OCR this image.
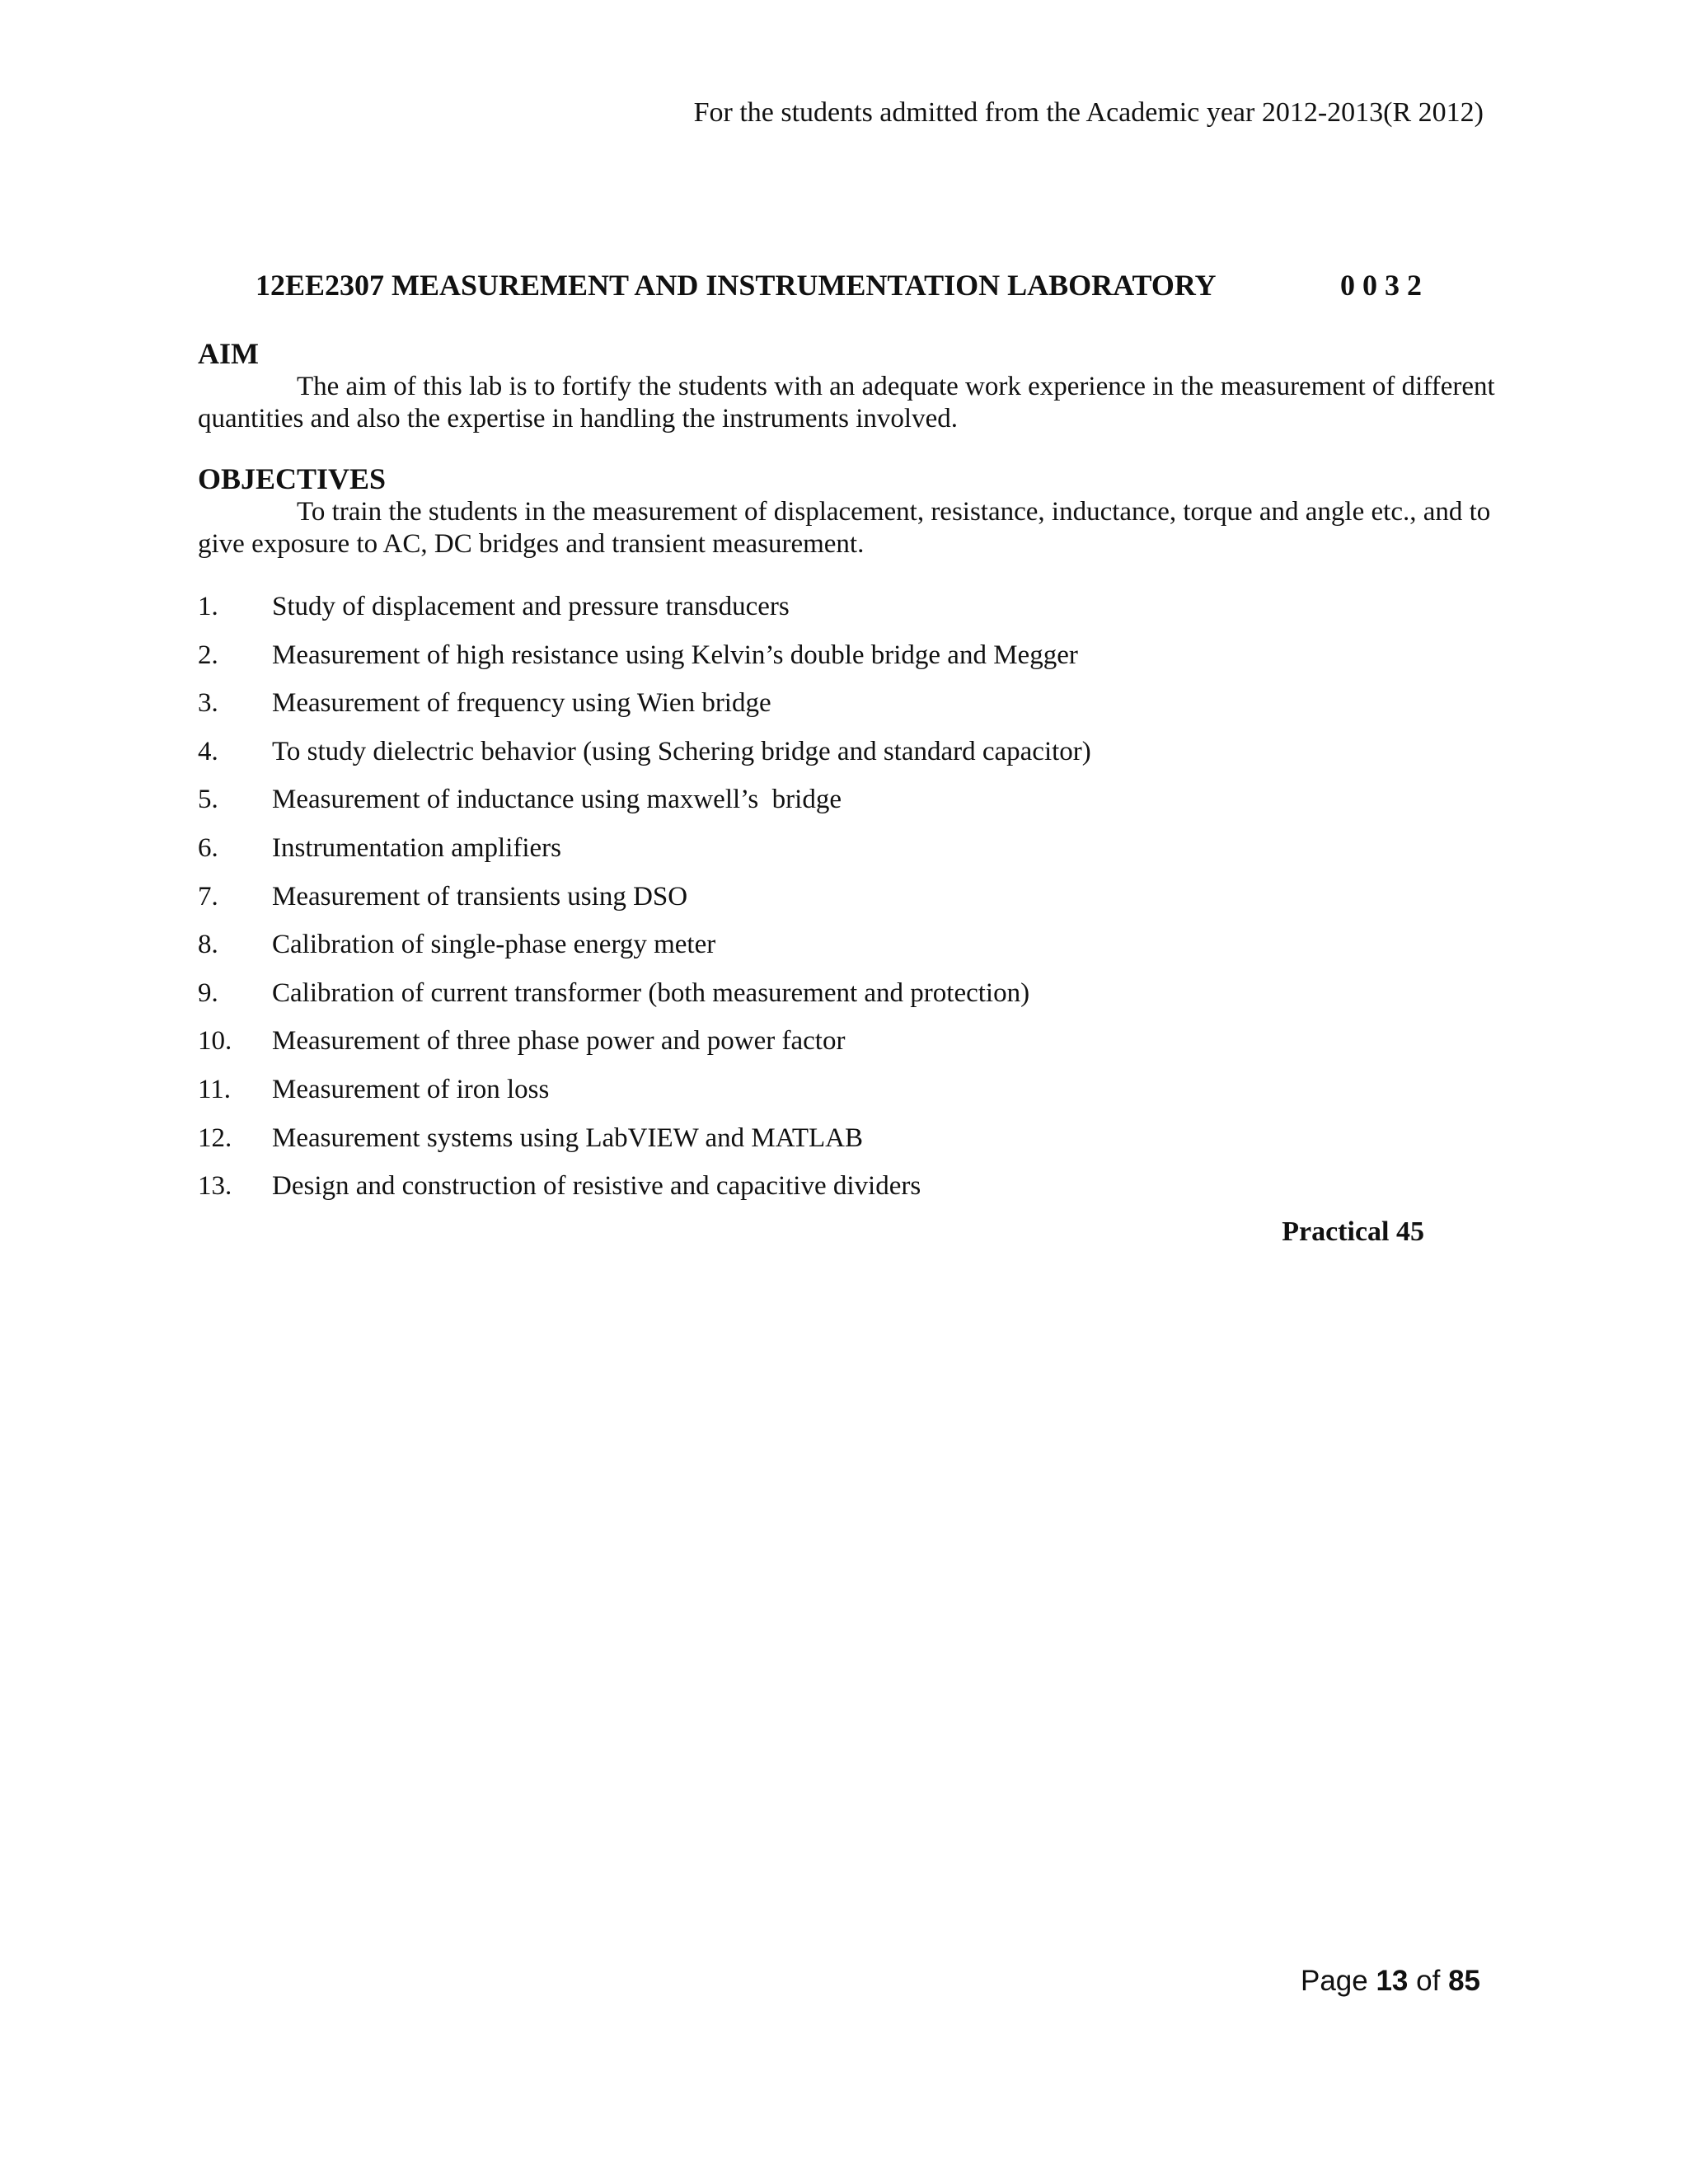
For the students admitted from the Academic year 2012-2013(R 2012)
12EE2307 MEASUREMENT AND INSTRUMENTATION LABORATORY	0 0 3 2
AIM
The aim of this lab is to fortify the students with an adequate work experience in the measurement of different quantities and also the expertise in handling the instruments involved.
OBJECTIVES
To train the students in the measurement of displacement, resistance, inductance, torque and angle etc., and to give exposure to AC, DC bridges and transient measurement.
1. Study of displacement and pressure transducers
2. Measurement of high resistance using Kelvin’s double bridge and Megger
3. Measurement of frequency using Wien bridge
4. To study dielectric behavior (using Schering bridge and standard capacitor)
5. Measurement of inductance using maxwell’s  bridge
6. Instrumentation amplifiers
7. Measurement of transients using DSO
8. Calibration of single-phase energy meter
9. Calibration of current transformer (both measurement and protection)
10. Measurement of three phase power and power factor
11. Measurement of iron loss
12. Measurement systems using LabVIEW and MATLAB
13. Design and construction of resistive and capacitive dividers
Practical 45
Page 13 of 85
